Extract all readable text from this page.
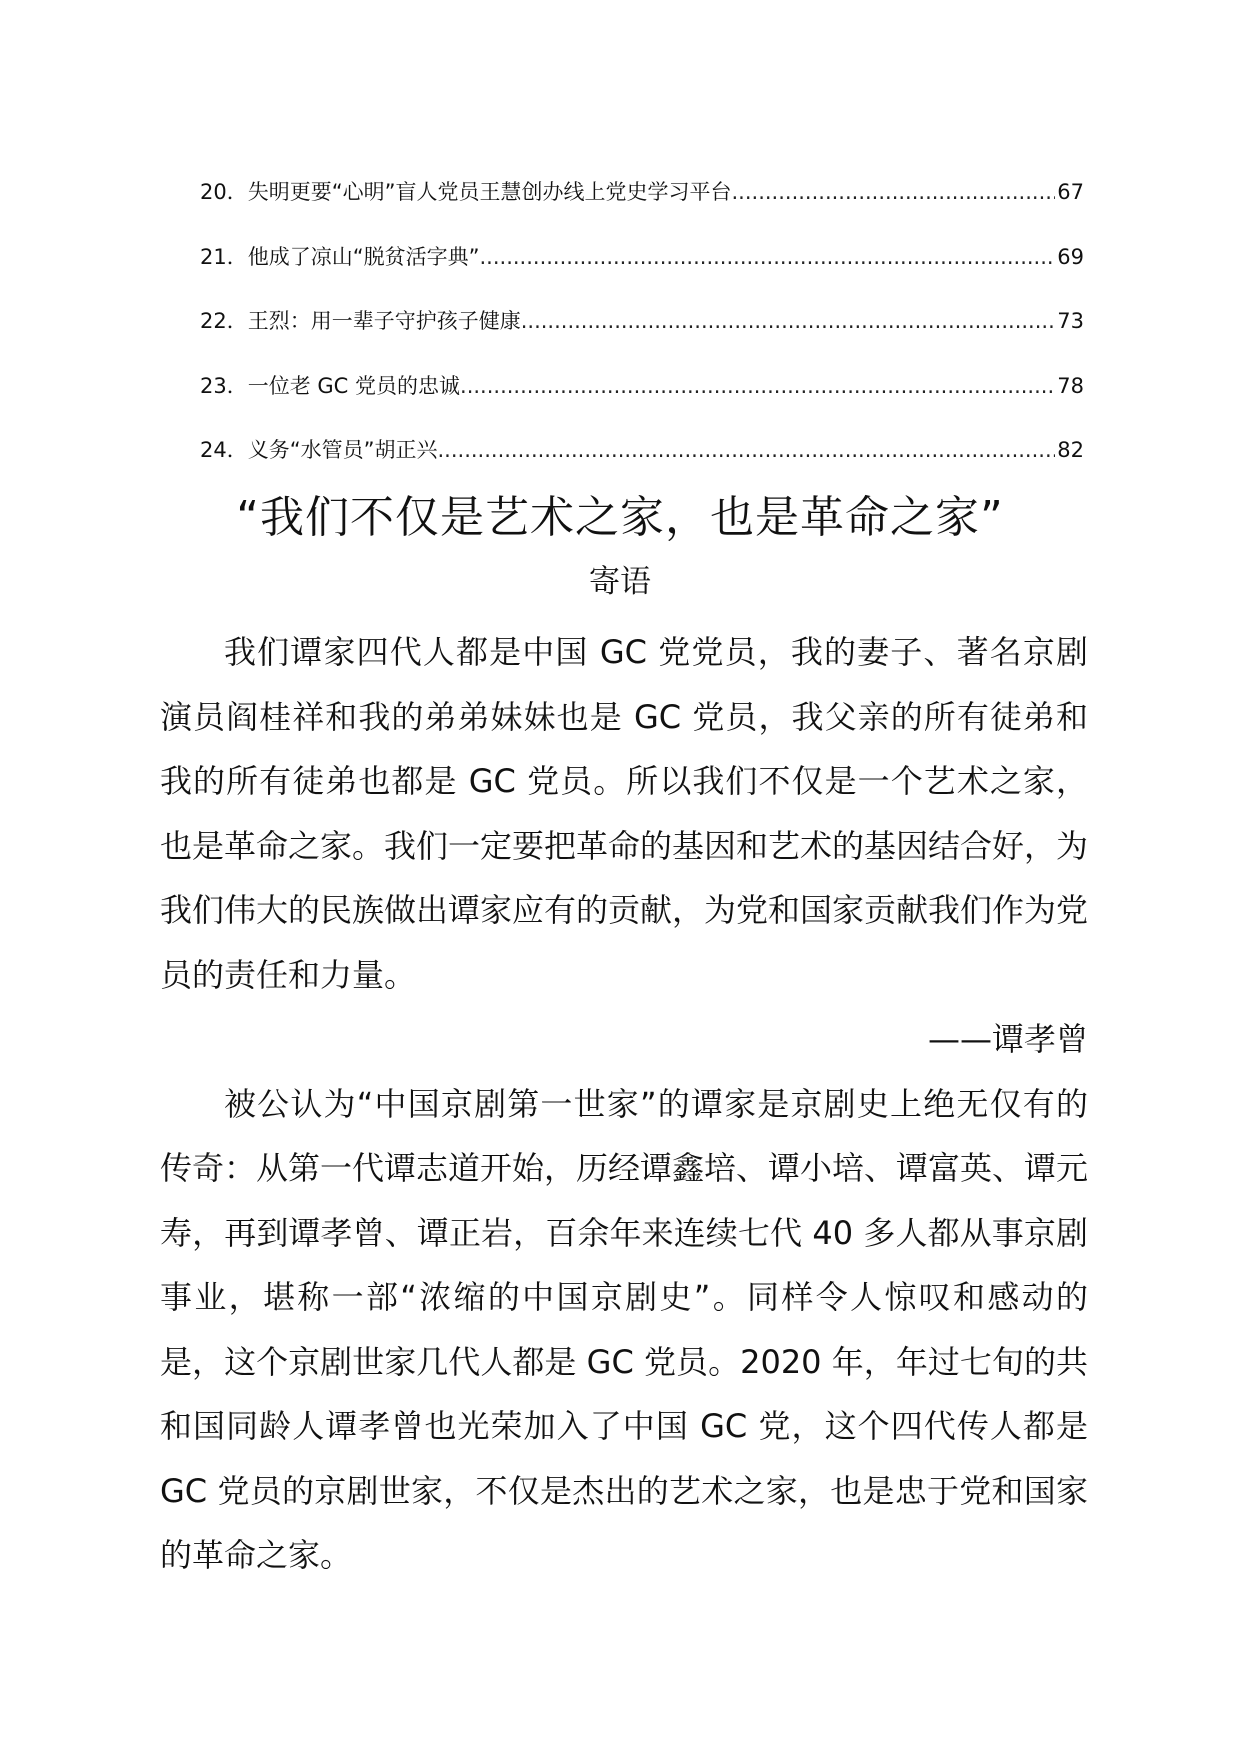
20． 失明更要“心明”盲人党员王慧创办线上党史学习平台 .....	67
21． 他成了凉山“脱贫活字典” .....	69
22． 王烈：用一辈子守护孩子健康 .....	73
23． 一位老 GC 党员的忠诚 .....	78
24． 义务“水管员”胡正兴 .....	82
“我们不仅是艺术之家，也是革命之家”
寄语

我们谭家四代人都是中国 GC 党党员，我的妻子、著名京剧演员阎桂祥和我的弟弟妹妹也是 GC 党员，我父亲的所有徒弟和我的所有徒弟也都是 GC 党员。所以我们不仅是一个艺术之家，也是革命之家。我们一定要把革命的基因和艺术的基因结合好，为我们伟大的民族做出谭家应有的贡献，为党和国家贡献我们作为党员的责任和力量。

——谭孝曾

被公认为“中国京剧第一世家”的谭家是京剧史上绝无仅有的传奇：从第一代谭志道开始，历经谭鑫培、谭小培、谭富英、谭元寿，再到谭孝曾、谭正岩，百余年来连续七代 40 多人都从事京剧事业，堪称一部“浓缩的中国京剧史”。同样令人惊叹和感动的是，这个京剧世家几代人都是 GC 党员。2020 年，年过七旬的共和国同龄人谭孝曾也光荣加入了中国 GC 党，这个四代传人都是 GC 党员的京剧世家，不仅是杰出的艺术之家，也是忠于党和国家的革命之家。
